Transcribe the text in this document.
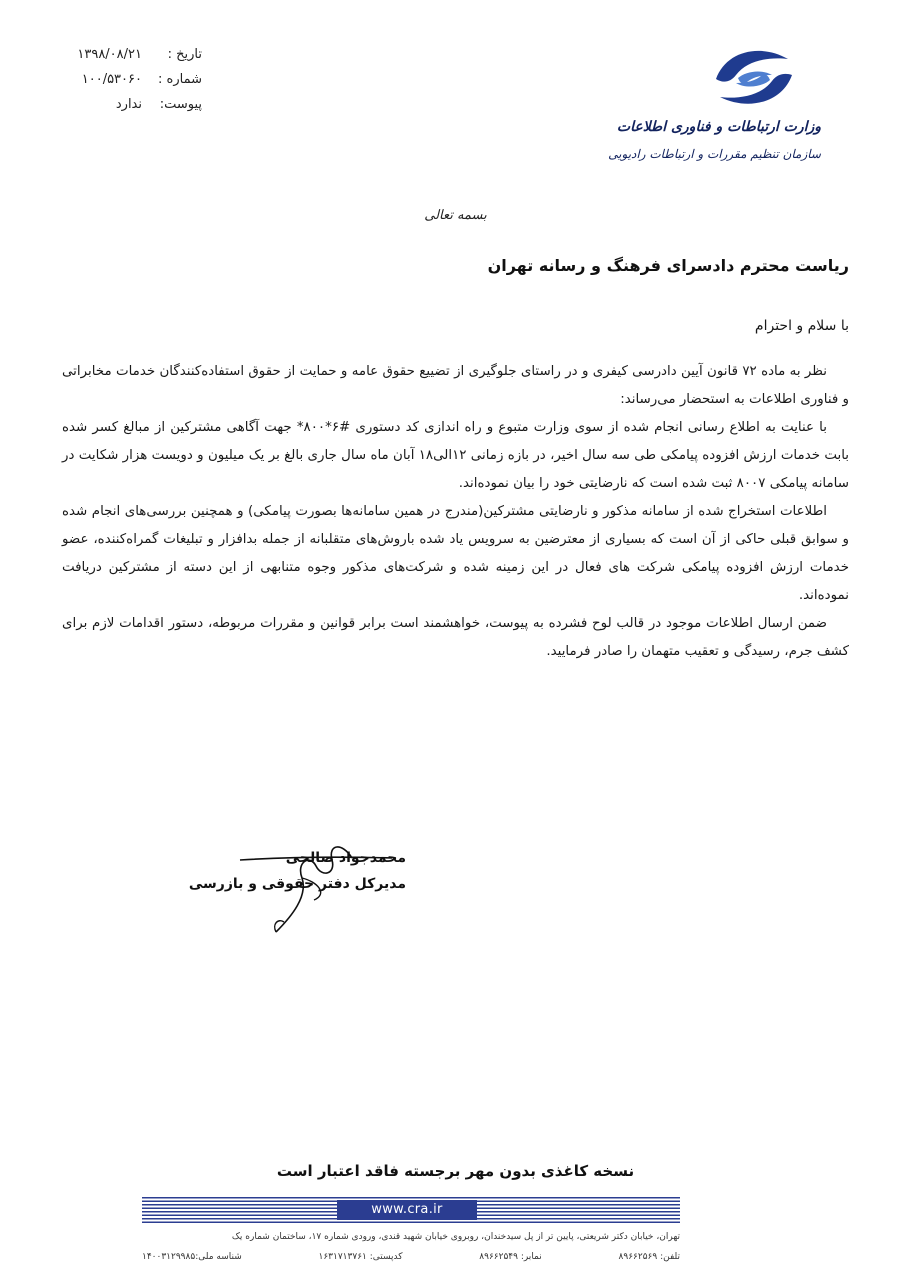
تاریخ :
۱۳۹۸/۰۸/۲۱
شماره :
۱۰۰/۵۳۰۶۰
پیوست:
ندارد
وزارت ارتباطات و فناوری اطلاعات
سازمان تنظیم مقررات و ارتباطات رادیویی
بسمه تعالی
ریاست محترم دادسرای فرهنگ و رسانه تهران
با سلام و احترام

نظر به ماده ۷۲ قانون آیین دادرسی کیفری و در راستای جلوگیری از تضییع حقوق عامه و حمایت از حقوق استفاده‌کنندگان خدمات مخابراتی و فناوری اطلاعات به استحضار می‌رساند:

با عنایت به اطلاع رسانی انجام شده از سوی وزارت متبوع و راه اندازی کد دستوری #۶*۸۰۰* جهت آگاهی مشترکین از مبالغ کسر شده بابت خدمات ارزش افزوده پیامکی طی سه سال اخیر، در بازه زمانی ۱۲الی۱۸ آبان ماه سال جاری بالغ بر یک میلیون و دویست هزار شکایت در سامانه پیامکی ۸۰۰۷ ثبت شده است که نارضایتی خود را بیان نموده‌اند.

اطلاعات استخراج شده از سامانه مذکور و نارضایتی مشترکین(مندرج در همین سامانه‌ها بصورت پیامکی) و همچنین بررسی‌های انجام شده و سوابق قبلی حاکی از آن است که بسیاری از معترضین به سرویس یاد شده باروش‌های متقلبانه از جمله بدافزار و تبلیغات گمراه‌کننده، عضو خدمات ارزش افزوده پیامکی شرکت های فعال در این زمینه شده و شرکت‌های مذکور وجوه متنابهی از این دسته از مشترکین دریافت نموده‌اند.

ضمن ارسال اطلاعات موجود در قالب لوح فشرده به پیوست، خواهشمند است برابر قوانین و مقررات مربوطه، دستور اقدامات لازم برای کشف جرم، رسیدگی و تعقیب متهمان را صادر فرمایید.

محمدجواد صالحی
مدیرکل دفتر حقوقی و بازرسی
نسخه کاغذی بدون مهر برجسته فاقد اعتبار است
www.cra.ir
تهران، خیابان دکتر شریعتی، پایین تر از پل سیدخندان، روبروی خیابان شهید قندی، ورودی شماره ۱۷، ساختمان شماره یک
تلفن: ۸۹۶۶۲۵۶۹
نمابر: ۸۹۶۶۲۵۴۹
کدپستی: ۱۶۳۱۷۱۳۷۶۱
شناسه ملی:۱۴۰۰۳۱۲۹۹۸۵
